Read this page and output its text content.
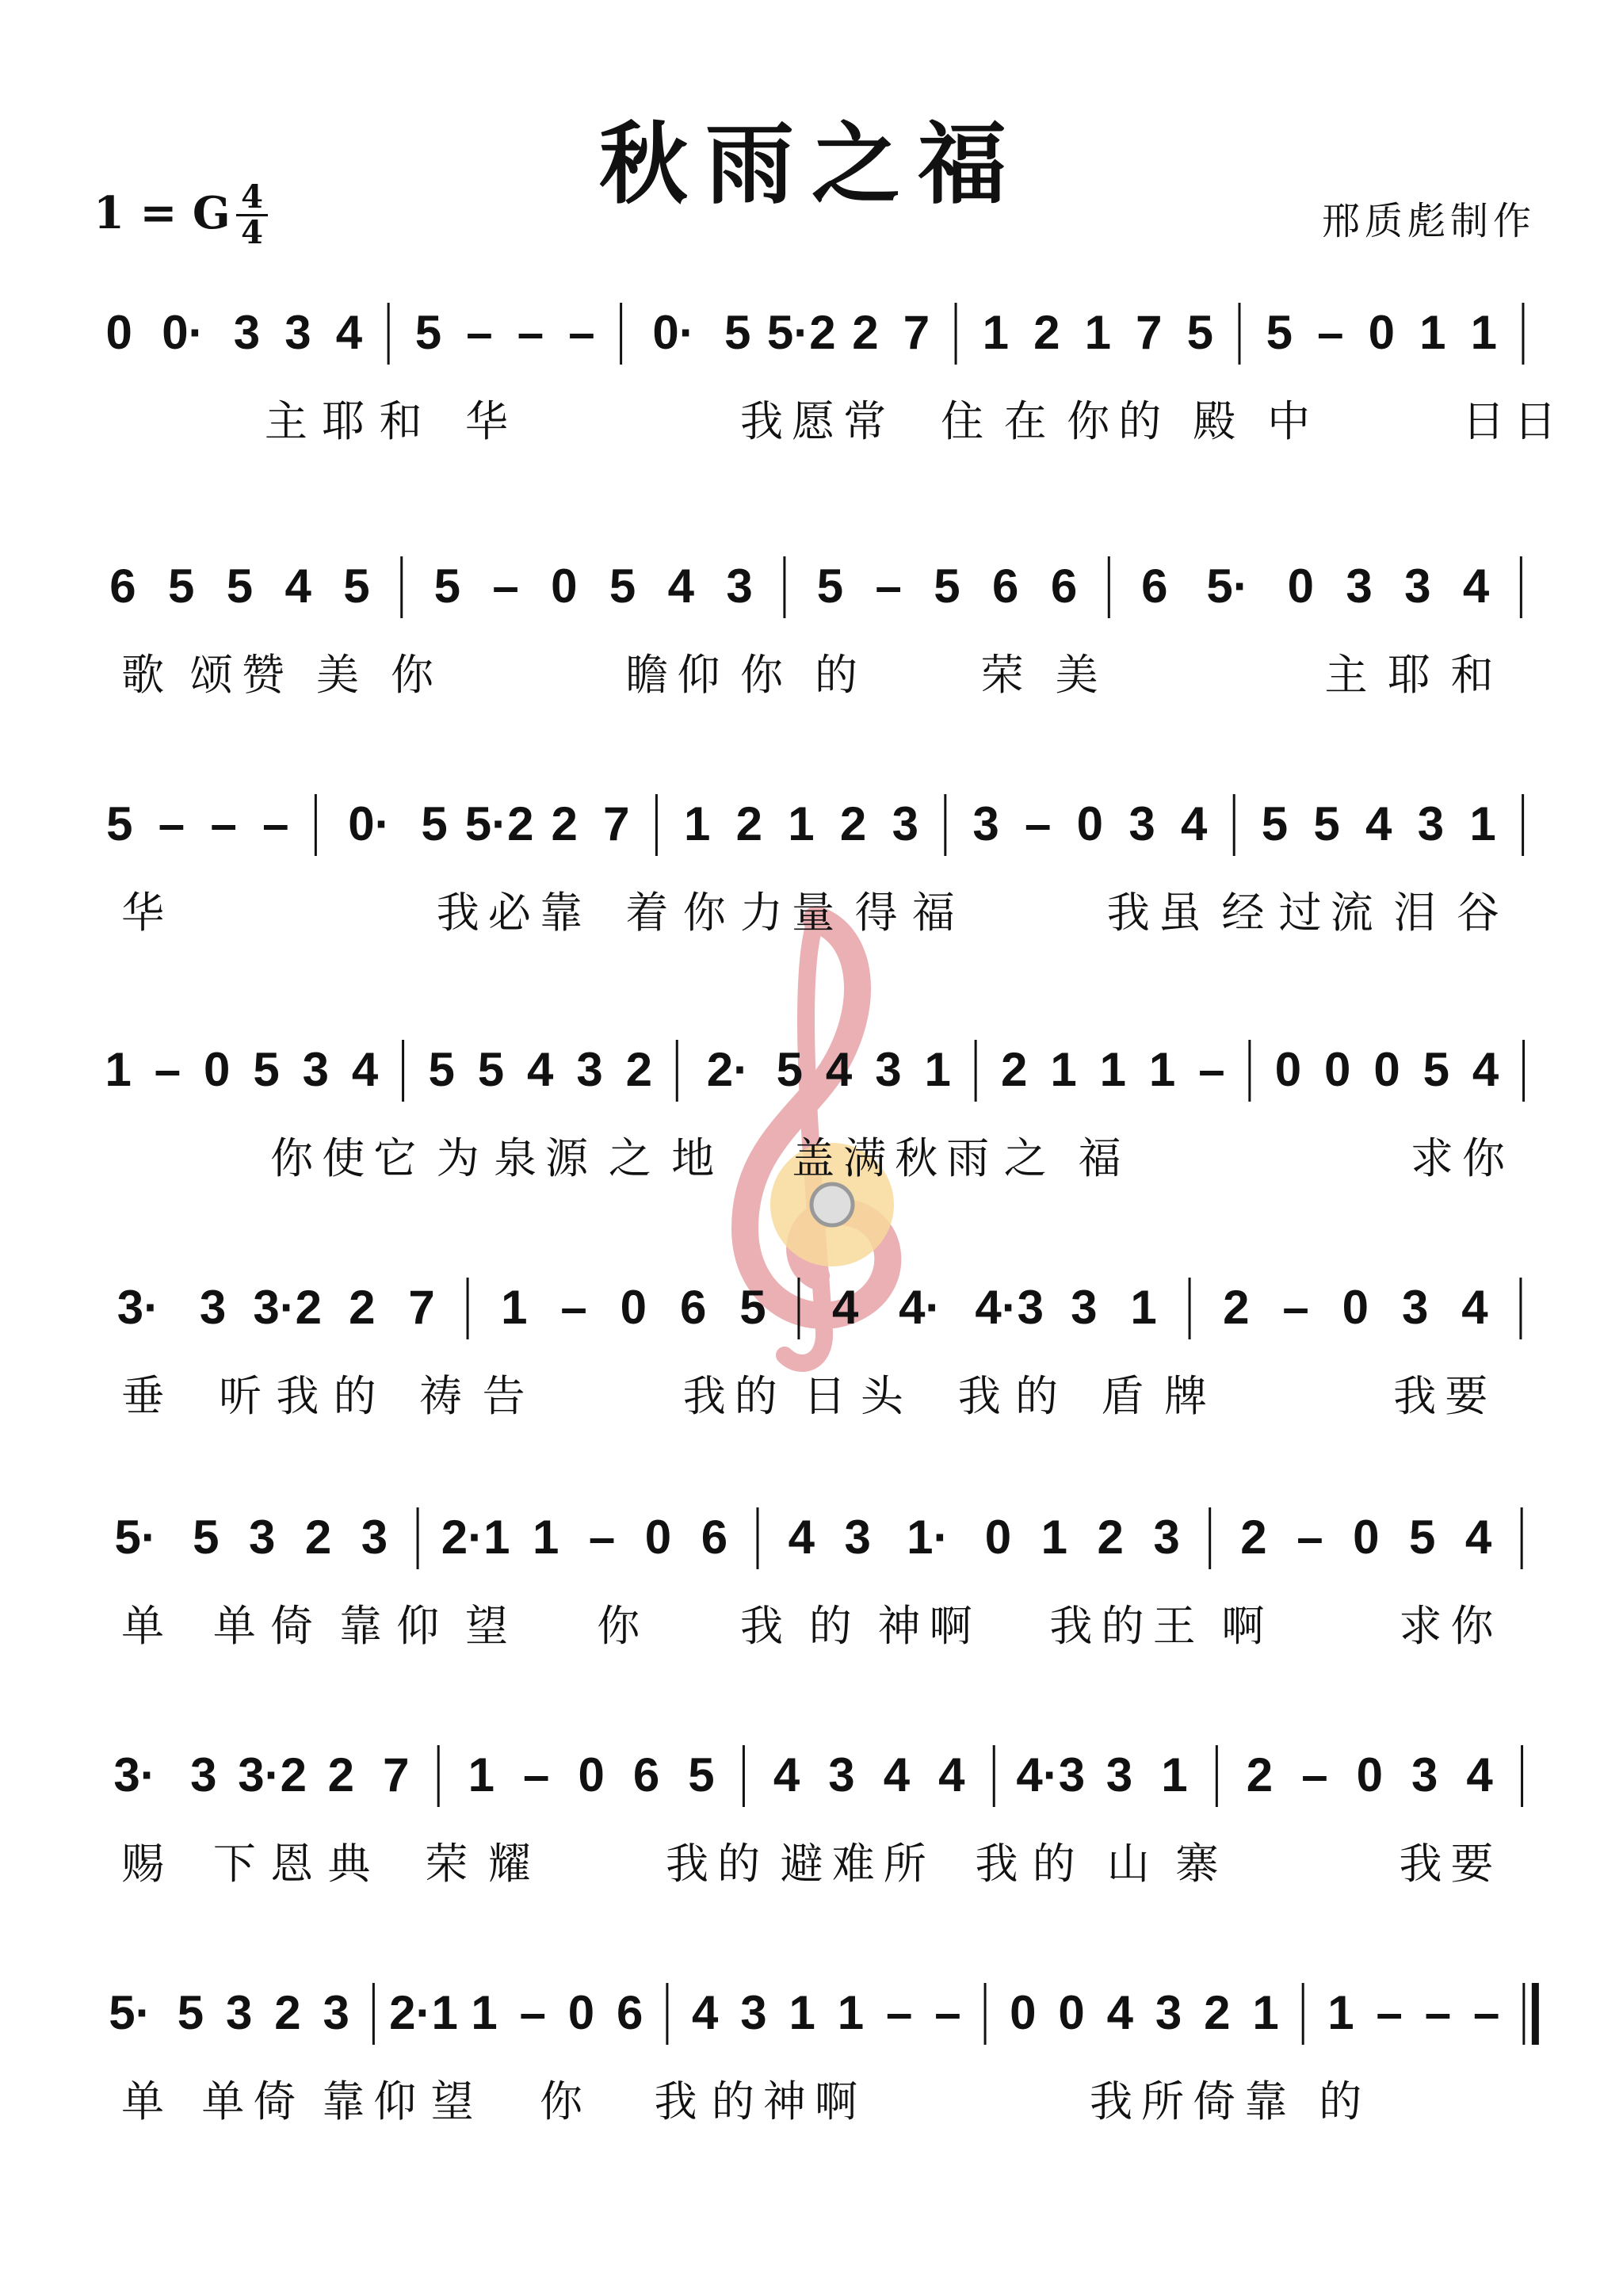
秋雨之福
1 = G 4
4	邢质彪制作
0 0· 3 3 4 5 – – – 0· 5 5·2 2 7 1 2 1 7 5 5 – 0 1 1
主 耶 和 华	我 愿 常 住 在 你 的 殿 中	日 日
6 5 5 4 5 5 – 0 5 4 3 5 – 5 6 6 6 5· 0 3 3 4
歌 颂 赞 美 你	瞻 仰 你 的	荣 美	主 耶 和
5 – – – 0· 5 5·2 2 7 1 2 1 2 3 3 – 0 3 4 5 5 4 3 1
华	我 必 靠 着 你 力 量 得 福	我 虽 经 过 流 泪 谷
1 – 0 5 3 4 5 5 4 3 2 2· 5 4 3 1 2 1 1 1 – 0 0 0 5 4
你 使 它 为 泉 源 之 地 盖 满 秋 雨 之 福	求 你
3· 3 3·2 2 7 1 – 0 6 5 4 4· 4·3 3 1 2 – 0 3 4
垂 听 我 的 祷 告	我 的 日 头 我 的 盾 牌	我 要
5· 5 3 2 3 2·1 1 – 0 6 4 3 1· 0 1 2 3 2 – 0 5 4
单 单 倚 靠 仰 望 你 我 的 神 啊 我 的 王 啊	求 你
3· 3 3·2 2 7 1 – 0 6 5 4 3 4 4 4·3 3 1 2 – 0 3 4
赐 下 恩 典 荣 耀	我 的 避 难 所 我 的 山 寨	我 要
5· 5 3 2 3 2·1 1 – 0 6 4 3 1 1 – – 0 0 4 3 2 1 1 – – –
单 单 倚 靠 仰 望 你 我 的 神 啊	我 所 倚 靠 的
